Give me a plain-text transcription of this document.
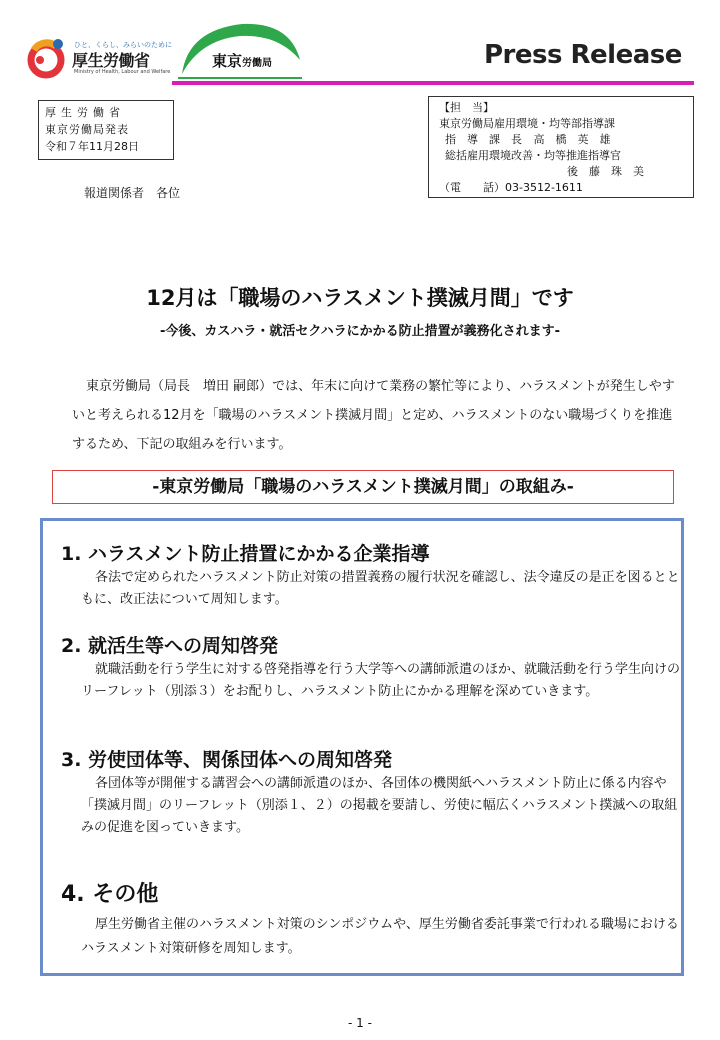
ひと、くらし、みらいのために
厚生労働省
Ministry of Health, Labour and Welfare
東京労働局	Press Release
厚生労働省
東京労働局発表
令和７年11月28日
報道関係者　各位
【担　当】
東京労働局雇用環境・均等部指導課
指　導　課　長 高　橋　英　雄
総括雇用環境改善・均等推進指導官
後　藤　珠　美
（電　　話）03-3512-1611
12月は「職場のハラスメント撲滅月間」です
-今後、カスハラ・就活セクハラにかかる防止措置が義務化されます-
東京労働局（局長　増田 嗣郎）では、年末に向けて業務の繁忙等により、ハラスメントが発生しやすいと考えられる12月を「職場のハラスメント撲滅月間」と定め、ハラスメントのない職場づくりを推進するため、下記の取組みを行います。
-東京労働局「職場のハラスメント撲滅月間」の取組み-
1. ハラスメント防止措置にかかる企業指導
各法で定められたハラスメント防止対策の措置義務の履行状況を確認し、法令違反の是正を図るとともに、改正法について周知します。
2. 就活生等への周知啓発
就職活動を行う学生に対する啓発指導を行う大学等への講師派遣のほか、就職活動を行う学生向けのリーフレット（別添３）をお配りし、ハラスメント防止にかかる理解を深めていきます。
3. 労使団体等、関係団体への周知啓発
各団体等が開催する講習会への講師派遣のほか、各団体の機関紙へハラスメント防止に係る内容や「撲滅月間」のリーフレット（別添１、２）の掲載を要請し、労使に幅広くハラスメント撲滅への取組みの促進を図っていきます。
4. その他
厚生労働省主催のハラスメント対策のシンポジウムや、厚生労働省委託事業で行われる職場におけるハラスメント対策研修を周知します。
- 1 -
